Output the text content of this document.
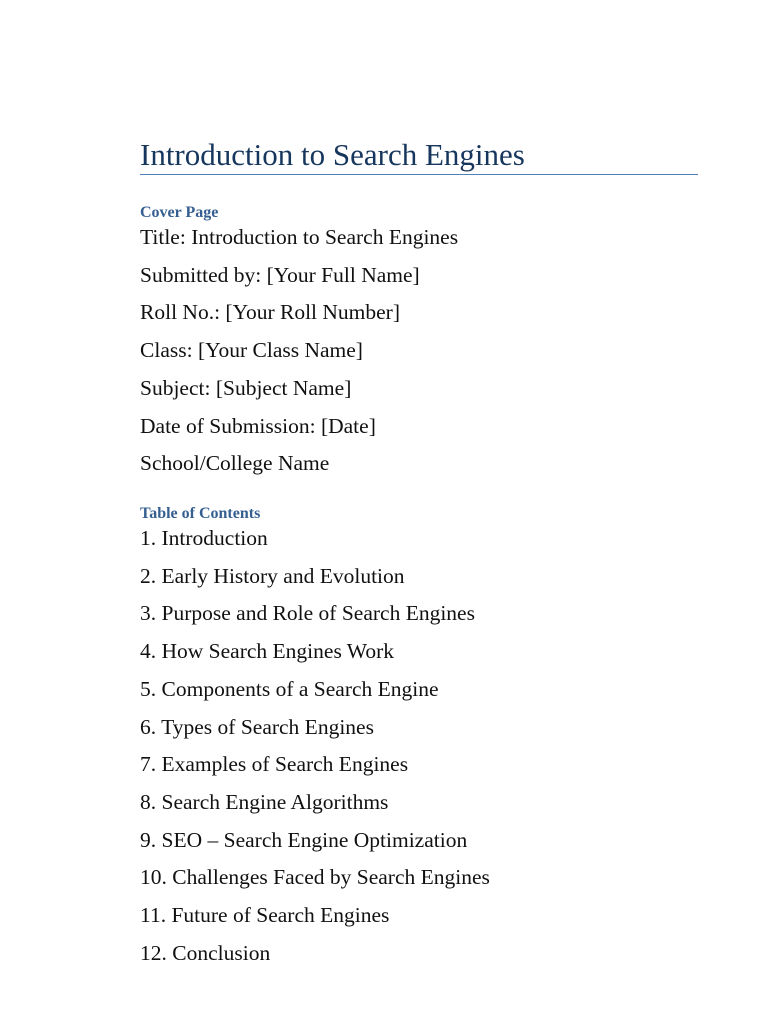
Introduction to Search Engines
Cover Page
Title: Introduction to Search Engines
Submitted by: [Your Full Name]
Roll No.: [Your Roll Number]
Class: [Your Class Name]
Subject: [Subject Name]
Date of Submission: [Date]
School/College Name
Table of Contents
1. Introduction
2. Early History and Evolution
3. Purpose and Role of Search Engines
4. How Search Engines Work
5. Components of a Search Engine
6. Types of Search Engines
7. Examples of Search Engines
8. Search Engine Algorithms
9. SEO – Search Engine Optimization
10. Challenges Faced by Search Engines
11. Future of Search Engines
12. Conclusion
